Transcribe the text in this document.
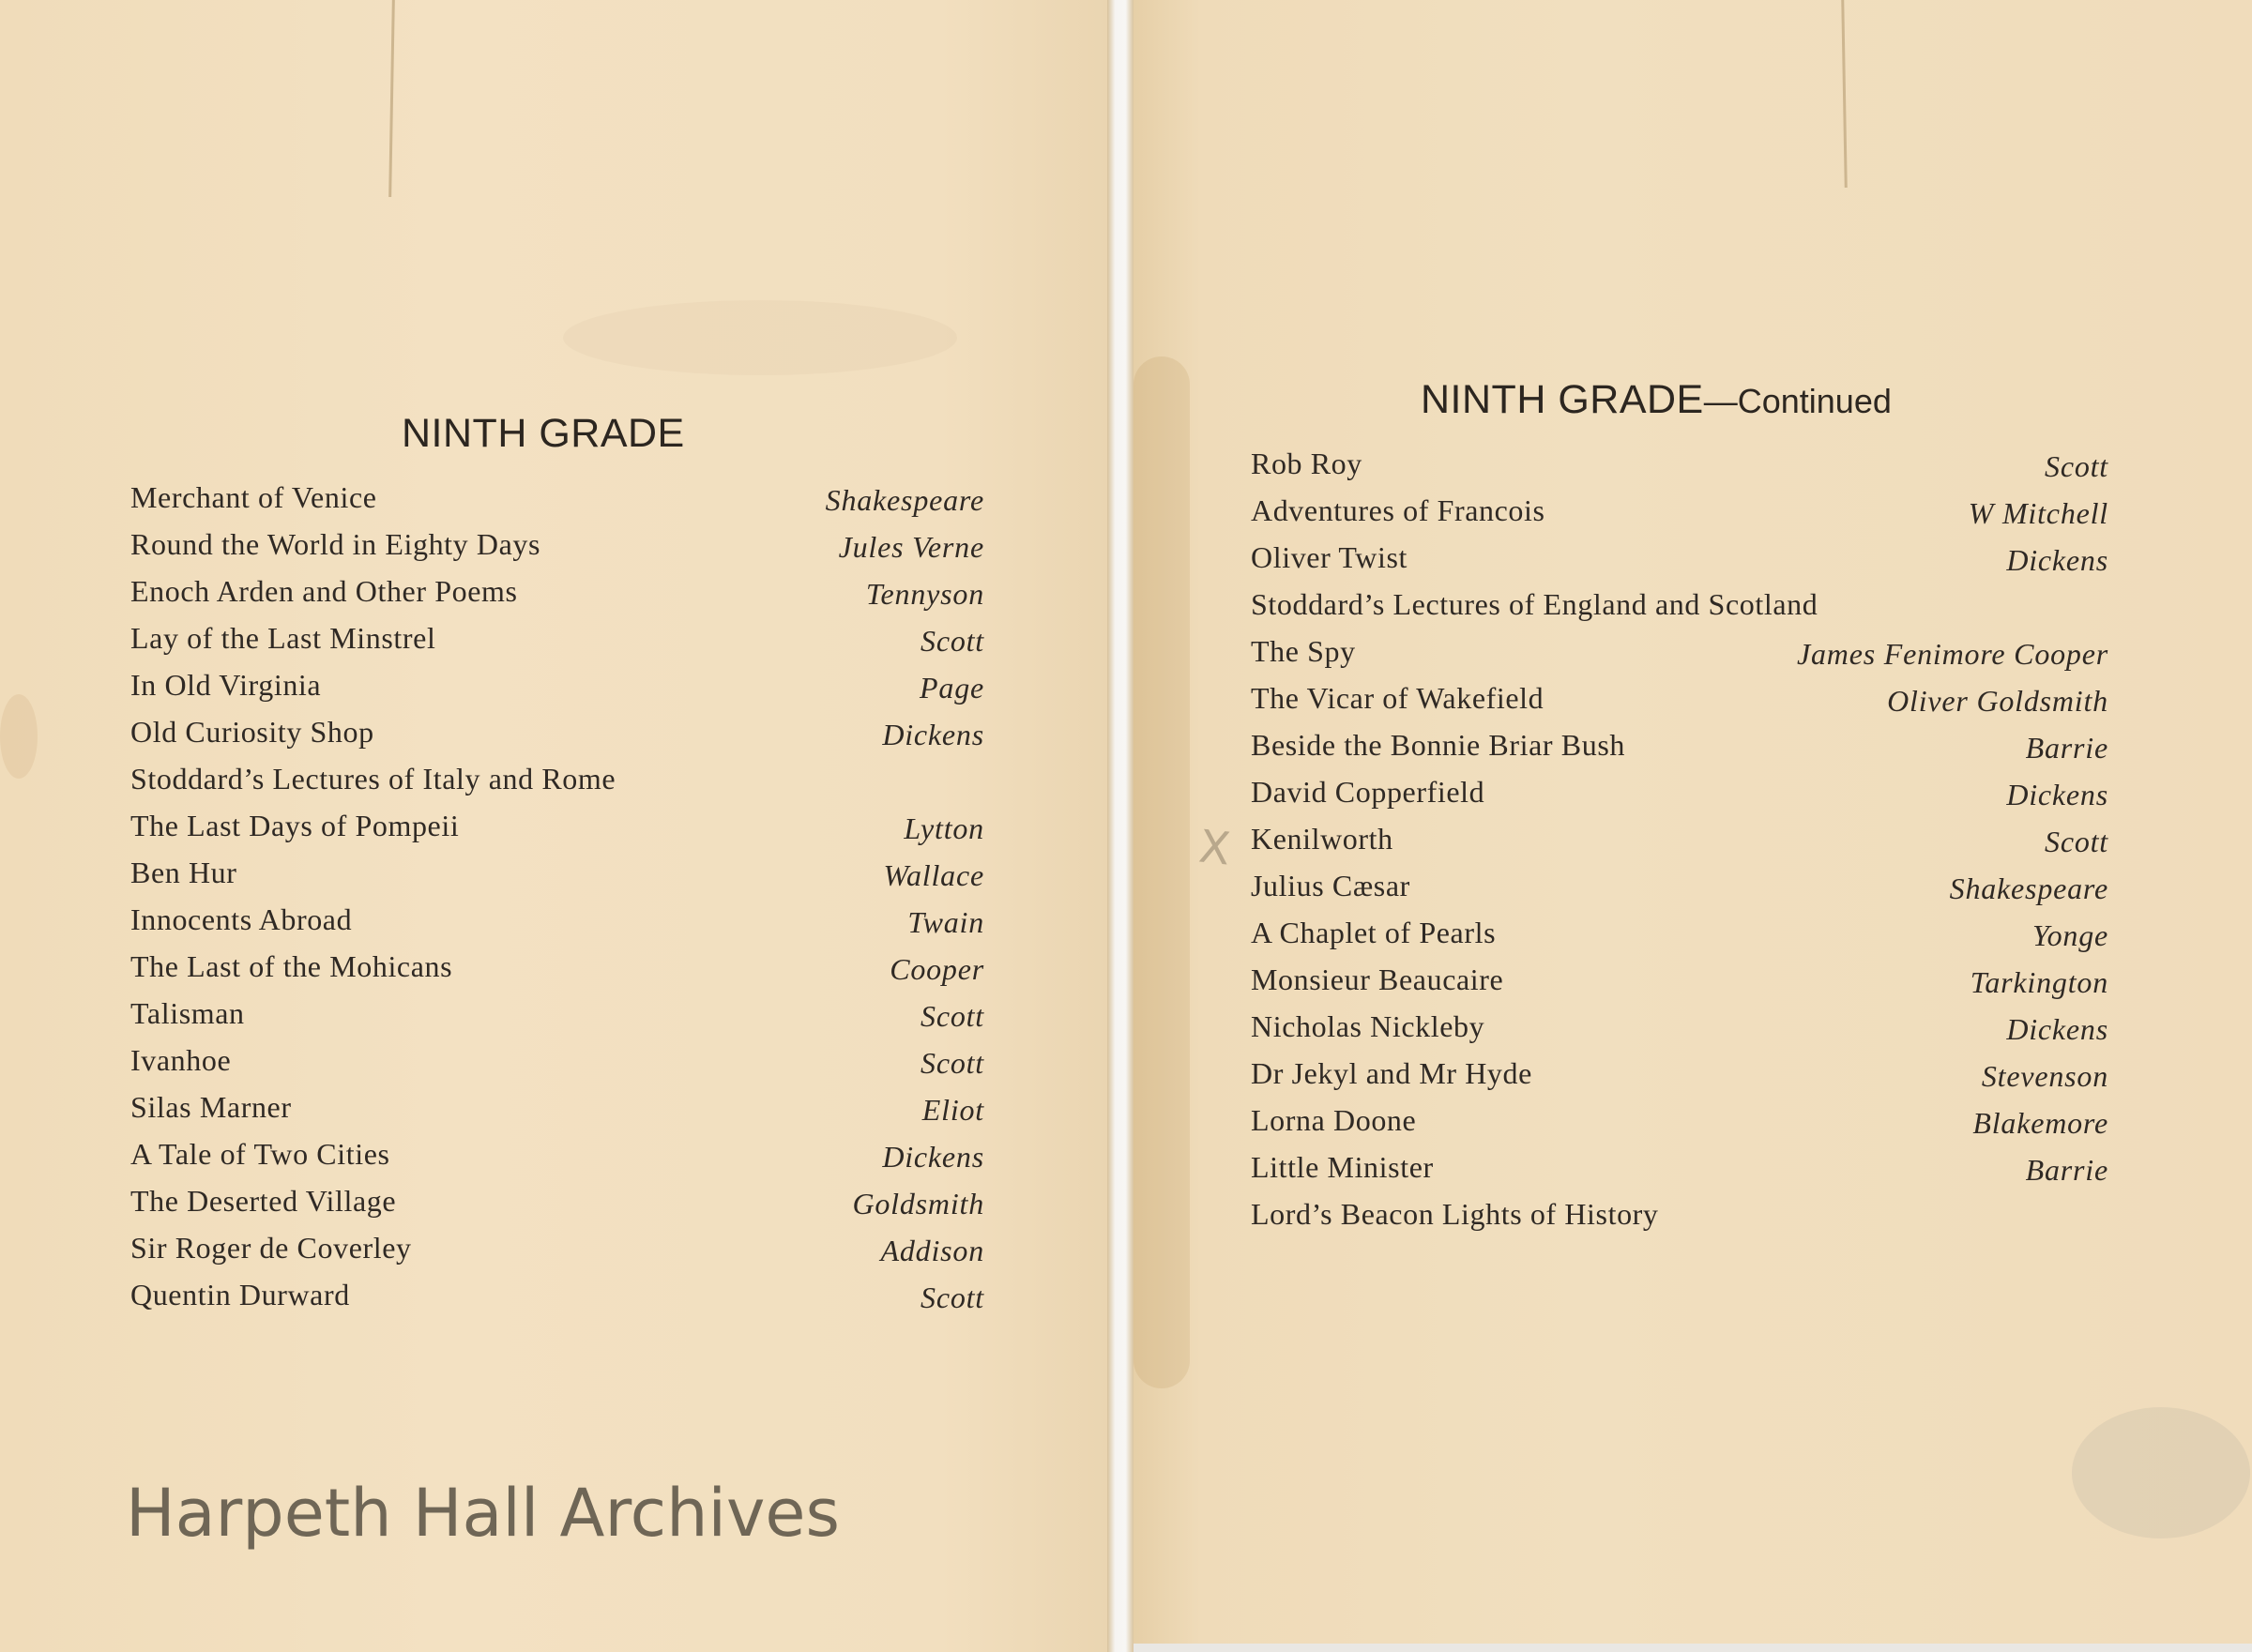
NINTH GRADE
Merchant of Venice	Shakespeare
Round the World in Eighty Days	Jules Verne
Enoch Arden and Other Poems	Tennyson
Lay of the Last Minstrel	Scott
In Old Virginia	Page
Old Curiosity Shop	Dickens
Stoddard’s Lectures of Italy and Rome
The Last Days of Pompeii	Lytton
Ben Hur	Wallace
Innocents Abroad	Twain
The Last of the Mohicans	Cooper
Talisman	Scott
Ivanhoe	Scott
Silas Marner	Eliot
A Tale of Two Cities	Dickens
The Deserted Village	Goldsmith
Sir Roger de Coverley	Addison
Quentin Durward	Scott
Harpeth Hall Archives
NINTH GRADE—Continued
Rob Roy	Scott
Adventures of Francois	W Mitchell
Oliver Twist	Dickens
Stoddard’s Lectures of England and Scotland
The Spy	James Fenimore Cooper
The Vicar of Wakefield	Oliver Goldsmith
Beside the Bonnie Briar Bush	Barrie
David Copperfield	Dickens
Kenilworth	Scott
Julius Cæsar	Shakespeare
A Chaplet of Pearls	Yonge
Monsieur Beaucaire	Tarkington
Nicholas Nickleby	Dickens
Dr Jekyl and Mr Hyde	Stevenson
Lorna Doone	Blakemore
Little Minister	Barrie
Lord’s Beacon Lights of History
X
